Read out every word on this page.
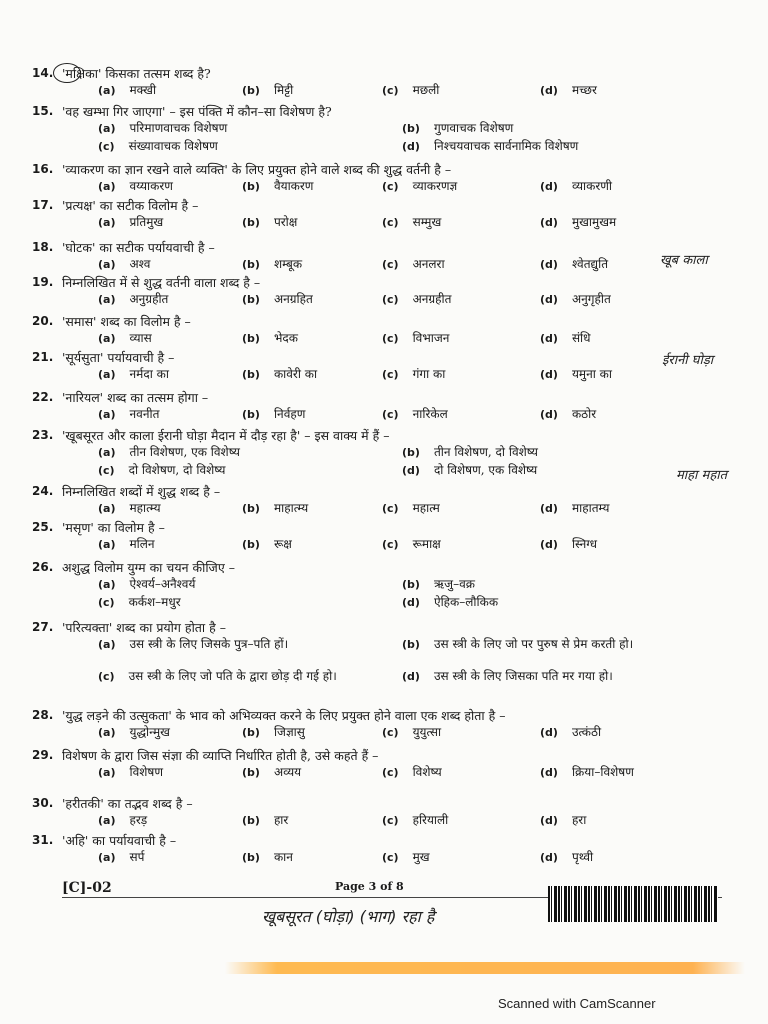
14. 'मक्षिका' किसका तत्सम शब्द है?
(a) मक्खी	(b) मिट्टी	(c) मछली	(d) मच्छर
15. 'वह खम्भा गिर जाएगा' – इस पंक्ति में कौन–सा विशेषण है?
(a) परिमाणवाचक विशेषण	(b) गुणवाचक विशेषण
(c) संख्यावाचक विशेषण	(d) निश्चयवाचक सार्वनामिक विशेषण
16. 'व्याकरण का ज्ञान रखने वाले व्यक्ति' के लिए प्रयुक्त होने वाले शब्द की शुद्ध वर्तनी है –
(a) वय्याकरण	(b) वैयाकरण	(c) व्याकरणज्ञ	(d) व्याकरणी
17. 'प्रत्यक्ष' का सटीक विलोम है –
(a) प्रतिमुख	(b) परोक्ष	(c) सम्मुख	(d) मुखामुखम
18. 'घोटक' का सटीक पर्यायवाची है –
(a) अश्व	(b) शम्बूक	(c) अनलरा	(d) श्वेतद्युति
19. निम्नलिखित में से शुद्ध वर्तनी वाला शब्द है –
(a) अनुग्रहीत	(b) अनग्रहित	(c) अनग्रहीत	(d) अनुगृहीत
20. 'समास' शब्द का विलोम है –
(a) व्यास	(b) भेदक	(c) विभाजन	(d) संधि
21. 'सूर्यसुता' पर्यायवाची है –
(a) नर्मदा का	(b) कावेरी का	(c) गंगा का	(d) यमुना का
22. 'नारियल' शब्द का तत्सम होगा –
(a) नवनीत	(b) निर्वहण	(c) नारिकेल	(d) कठोर
23. 'खूबसूरत और काला ईरानी घोड़ा मैदान में दौड़ रहा है' – इस वाक्य में हैं –
(a) तीन विशेषण, एक विशेष्य	(b) तीन विशेषण, दो विशेष्य
(c) दो विशेषण, दो विशेष्य	(d) दो विशेषण, एक विशेष्य
24. निम्नलिखित शब्दों में शुद्ध शब्द है –
(a) महात्म्य	(b) माहात्म्य	(c) महात्म	(d) माहातम्य
25. 'मसृण' का विलोम है –
(a) मलिन	(b) रूक्ष	(c) रूमाक्ष	(d) स्निग्ध
26. अशुद्ध विलोम युग्म का चयन कीजिए –
(a) ऐश्वर्य–अनैश्वर्य	(b) ऋजु–वक्र
(c) कर्कश–मधुर	(d) ऐहिक–लौकिक
27. 'परित्यक्ता' शब्द का प्रयोग होता है –
(a) उस स्त्री के लिए जिसके पुत्र–पति हों।	(b) उस स्त्री के लिए जो पर पुरुष से प्रेम करती हो।
(c) उस स्त्री के लिए जो पति के द्वारा छोड़ दी गई हो।	(d) उस स्त्री के लिए जिसका पति मर गया हो।
28. 'युद्ध लड़ने की उत्सुकता' के भाव को अभिव्यक्त करने के लिए प्रयुक्त होने वाला एक शब्द होता है –
(a) युद्धोन्मुख	(b) जिज्ञासु	(c) युयुत्सा	(d) उत्कंठी
29. विशेषण के द्वारा जिस संज्ञा की व्याप्ति निर्धारित होती है, उसे कहते हैं –
(a) विशेषण	(b) अव्यय	(c) विशेष्य	(d) क्रिया–विशेषण
30. 'हरीतकी' का तद्भव शब्द है –
(a) हरड़	(b) हार	(c) हरियाली	(d) हरा
31. 'अहि' का पर्यायवाची है –
(a) सर्प	(b) कान	(c) मुख	(d) पृथ्वी
खूब काला
ईरानी घोड़ा
माहा महात
[C]-02	Page 3 of 8
खूबसूरत (घोड़ा) (भाग) रहा है
Scanned with CamScanner
